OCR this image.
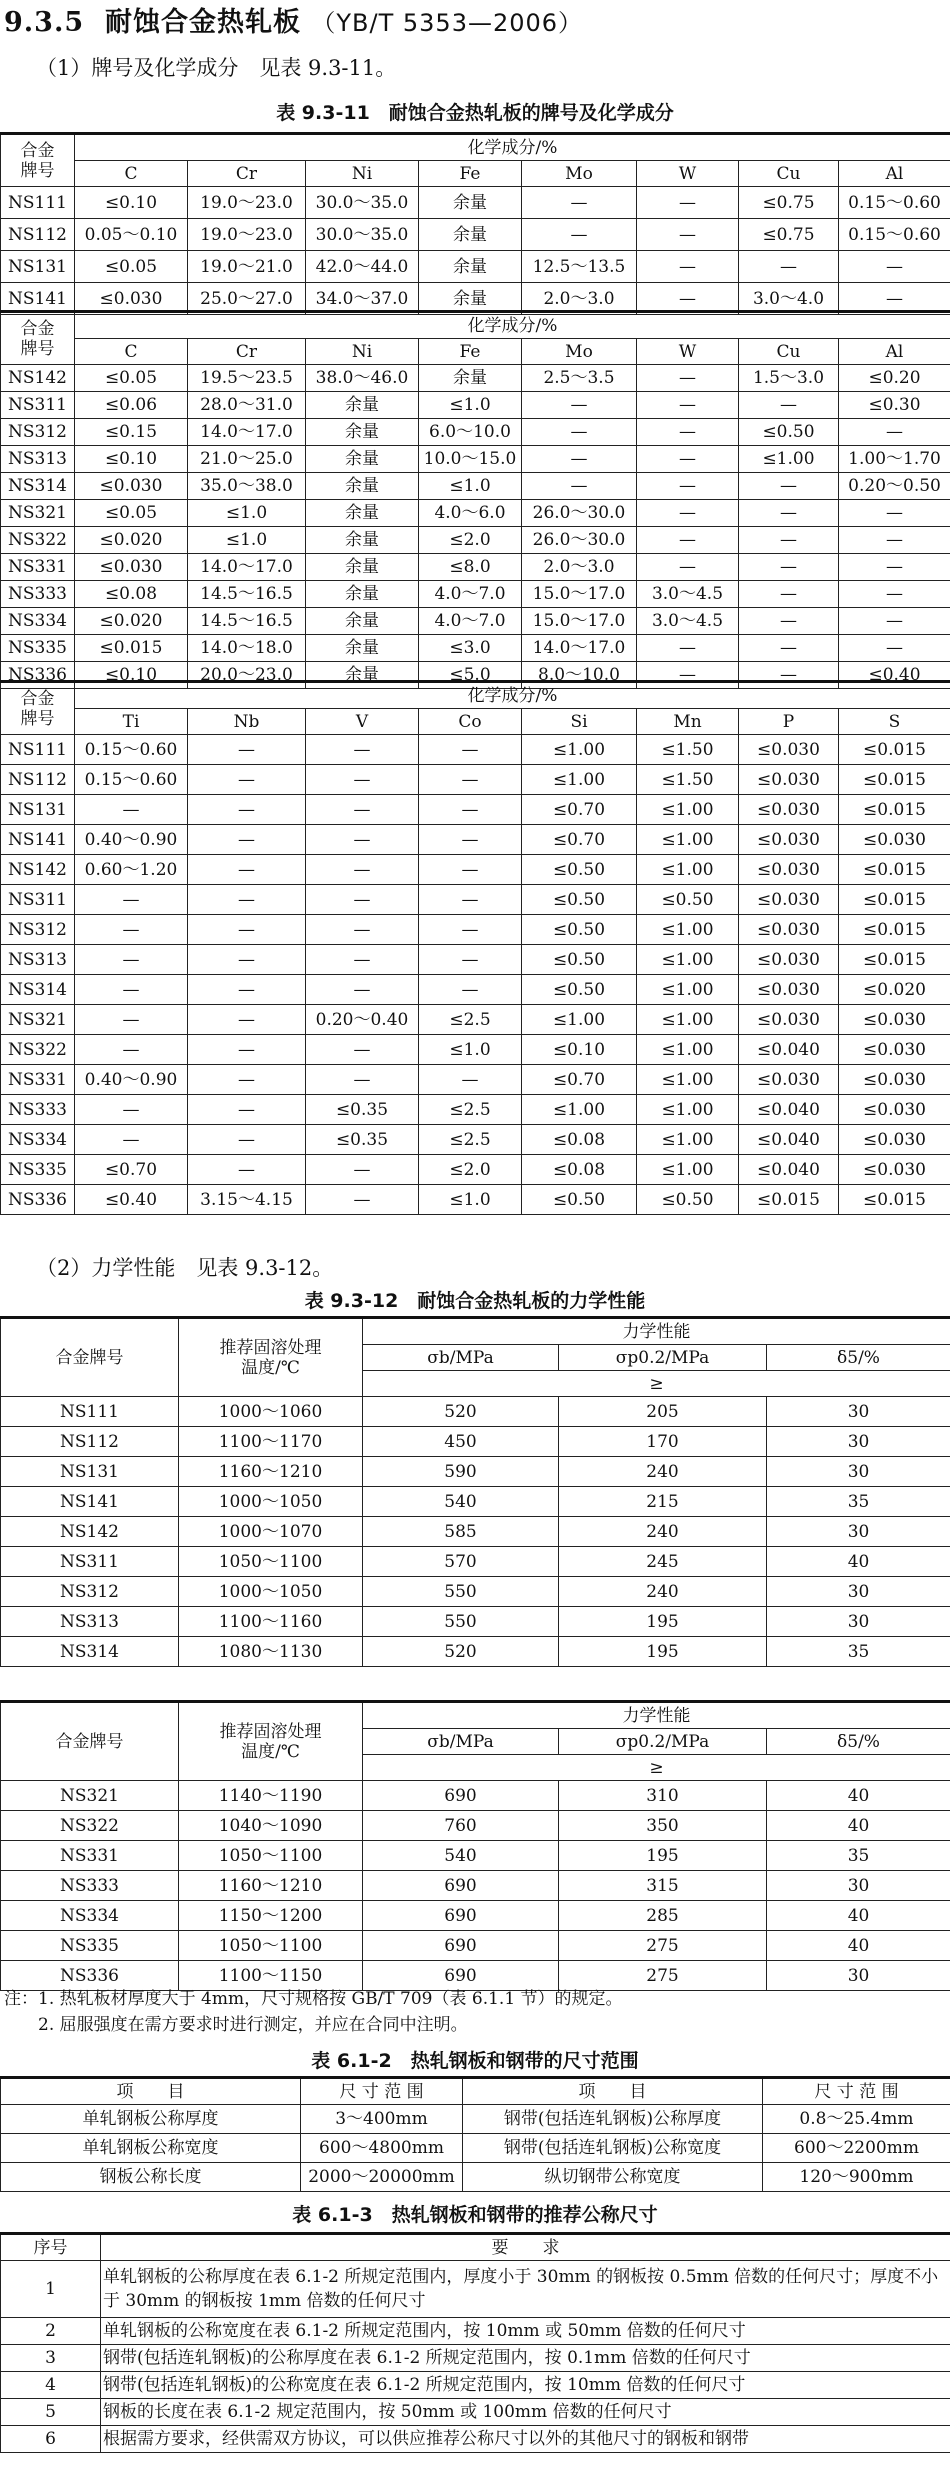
9.3.5 耐蚀合金热轧板 （YB/T 5353—2006）
（1）牌号及化学成分　见表 9.3-11。
表 9.3-11　耐蚀合金热轧板的牌号及化学成分
合金
牌号	化学成分/%							
	C	Cr	Ni	Fe	Mo	W	Cu	Al
NS111	≤0.10	19.0～23.0	30.0～35.0	余量	—	—	≤0.75	0.15～0.60
NS112	0.05～0.10	19.0～23.0	30.0～35.0	余量	—	—	≤0.75	0.15～0.60
NS131	≤0.05	19.0～21.0	42.0～44.0	余量	12.5～13.5	—	—	—
NS141	≤0.030	25.0～27.0	34.0～37.0	余量	2.0～3.0	—	3.0～4.0	—
合金
牌号	化学成分/%							
	C	Cr	Ni	Fe	Mo	W	Cu	Al
NS142	≤0.05	19.5～23.5	38.0～46.0	余量	2.5～3.5	—	1.5～3.0	≤0.20
NS311	≤0.06	28.0～31.0	余量	≤1.0	—	—	—	≤0.30
NS312	≤0.15	14.0～17.0	余量	6.0～10.0	—	—	≤0.50	—
NS313	≤0.10	21.0～25.0	余量	10.0～15.0	—	—	≤1.00	1.00～1.70
NS314	≤0.030	35.0～38.0	余量	≤1.0	—	—	—	0.20～0.50
NS321	≤0.05	≤1.0	余量	4.0～6.0	26.0～30.0	—	—	—
NS322	≤0.020	≤1.0	余量	≤2.0	26.0～30.0	—	—	—
NS331	≤0.030	14.0～17.0	余量	≤8.0	2.0～3.0	—	—	—
NS333	≤0.08	14.5～16.5	余量	4.0～7.0	15.0～17.0	3.0～4.5	—	—
NS334	≤0.020	14.5～16.5	余量	4.0～7.0	15.0～17.0	3.0～4.5	—	—
NS335	≤0.015	14.0～18.0	余量	≤3.0	14.0～17.0	—	—	—
NS336	≤0.10	20.0～23.0	余量	≤5.0	8.0～10.0	—	—	≤0.40
合金
牌号	化学成分/%							
	Ti	Nb	V	Co	Si	Mn	P	S
NS111	0.15～0.60	—	—	—	≤1.00	≤1.50	≤0.030	≤0.015
NS112	0.15～0.60	—	—	—	≤1.00	≤1.50	≤0.030	≤0.015
NS131	—	—	—	—	≤0.70	≤1.00	≤0.030	≤0.015
NS141	0.40～0.90	—	—	—	≤0.70	≤1.00	≤0.030	≤0.030
NS142	0.60～1.20	—	—	—	≤0.50	≤1.00	≤0.030	≤0.015
NS311	—	—	—	—	≤0.50	≤0.50	≤0.030	≤0.015
NS312	—	—	—	—	≤0.50	≤1.00	≤0.030	≤0.015
NS313	—	—	—	—	≤0.50	≤1.00	≤0.030	≤0.015
NS314	—	—	—	—	≤0.50	≤1.00	≤0.030	≤0.020
NS321	—	—	0.20～0.40	≤2.5	≤1.00	≤1.00	≤0.030	≤0.030
NS322	—	—	—	≤1.0	≤0.10	≤1.00	≤0.040	≤0.030
NS331	0.40～0.90	—	—	—	≤0.70	≤1.00	≤0.030	≤0.030
NS333	—	—	≤0.35	≤2.5	≤1.00	≤1.00	≤0.040	≤0.030
NS334	—	—	≤0.35	≤2.5	≤0.08	≤1.00	≤0.040	≤0.030
NS335	≤0.70	—	—	≤2.0	≤0.08	≤1.00	≤0.040	≤0.030
NS336	≤0.40	3.15～4.15	—	≤1.0	≤0.50	≤0.50	≤0.015	≤0.015
（2）力学性能　见表 9.3-12。
表 9.3-12　耐蚀合金热轧板的力学性能
合金牌号	推荐固溶处理
温度/℃	力学性能		
		σb/MPa	σp0.2/MPa	δ5/%
		≥		
NS111	1000～1060	520	205	30
NS112	1100～1170	450	170	30
NS131	1160～1210	590	240	30
NS141	1000～1050	540	215	35
NS142	1000～1070	585	240	30
NS311	1050～1100	570	245	40
NS312	1000～1050	550	240	30
NS313	1100～1160	550	195	30
NS314	1080～1130	520	195	35
合金牌号	推荐固溶处理
温度/℃	力学性能		
		σb/MPa	σp0.2/MPa	δ5/%
		≥		
NS321	1140～1190	690	310	40
NS322	1040～1090	760	350	40
NS331	1050～1100	540	195	35
NS333	1160～1210	690	315	30
NS334	1150～1200	690	285	40
NS335	1050～1100	690	275	40
NS336	1100～1150	690	275	30
注：1. 热轧板材厚度大于 4mm，尺寸规格按 GB/T 709（表 6.1.1 节）的规定。
　　2. 屈服强度在需方要求时进行测定，并应在合同中注明。
表 6.1-2　热轧钢板和钢带的尺寸范围
项　　目	尺 寸 范 围	项　　目	尺 寸 范 围
单轧钢板公称厚度	3～400mm	钢带(包括连轧钢板)公称厚度	0.8～25.4mm
单轧钢板公称宽度	600～4800mm	钢带(包括连轧钢板)公称宽度	600～2200mm
钢板公称长度	2000～20000mm	纵切钢带公称宽度	120～900mm
表 6.1-3　热轧钢板和钢带的推荐公称尺寸
序号	要　　求
1	单轧钢板的公称厚度在表 6.1-2 所规定范围内，厚度小于 30mm 的钢板按 0.5mm 倍数的任何尺寸；厚度不小于 30mm 的钢板按 1mm 倍数的任何尺寸
2	单轧钢板的公称宽度在表 6.1-2 所规定范围内，按 10mm 或 50mm 倍数的任何尺寸
3	钢带(包括连轧钢板)的公称厚度在表 6.1-2 所规定范围内，按 0.1mm 倍数的任何尺寸
4	钢带(包括连轧钢板)的公称宽度在表 6.1-2 所规定范围内，按 10mm 倍数的任何尺寸
5	钢板的长度在表 6.1-2 规定范围内，按 50mm 或 100mm 倍数的任何尺寸
6	根据需方要求，经供需双方协议，可以供应推荐公称尺寸以外的其他尺寸的钢板和钢带
